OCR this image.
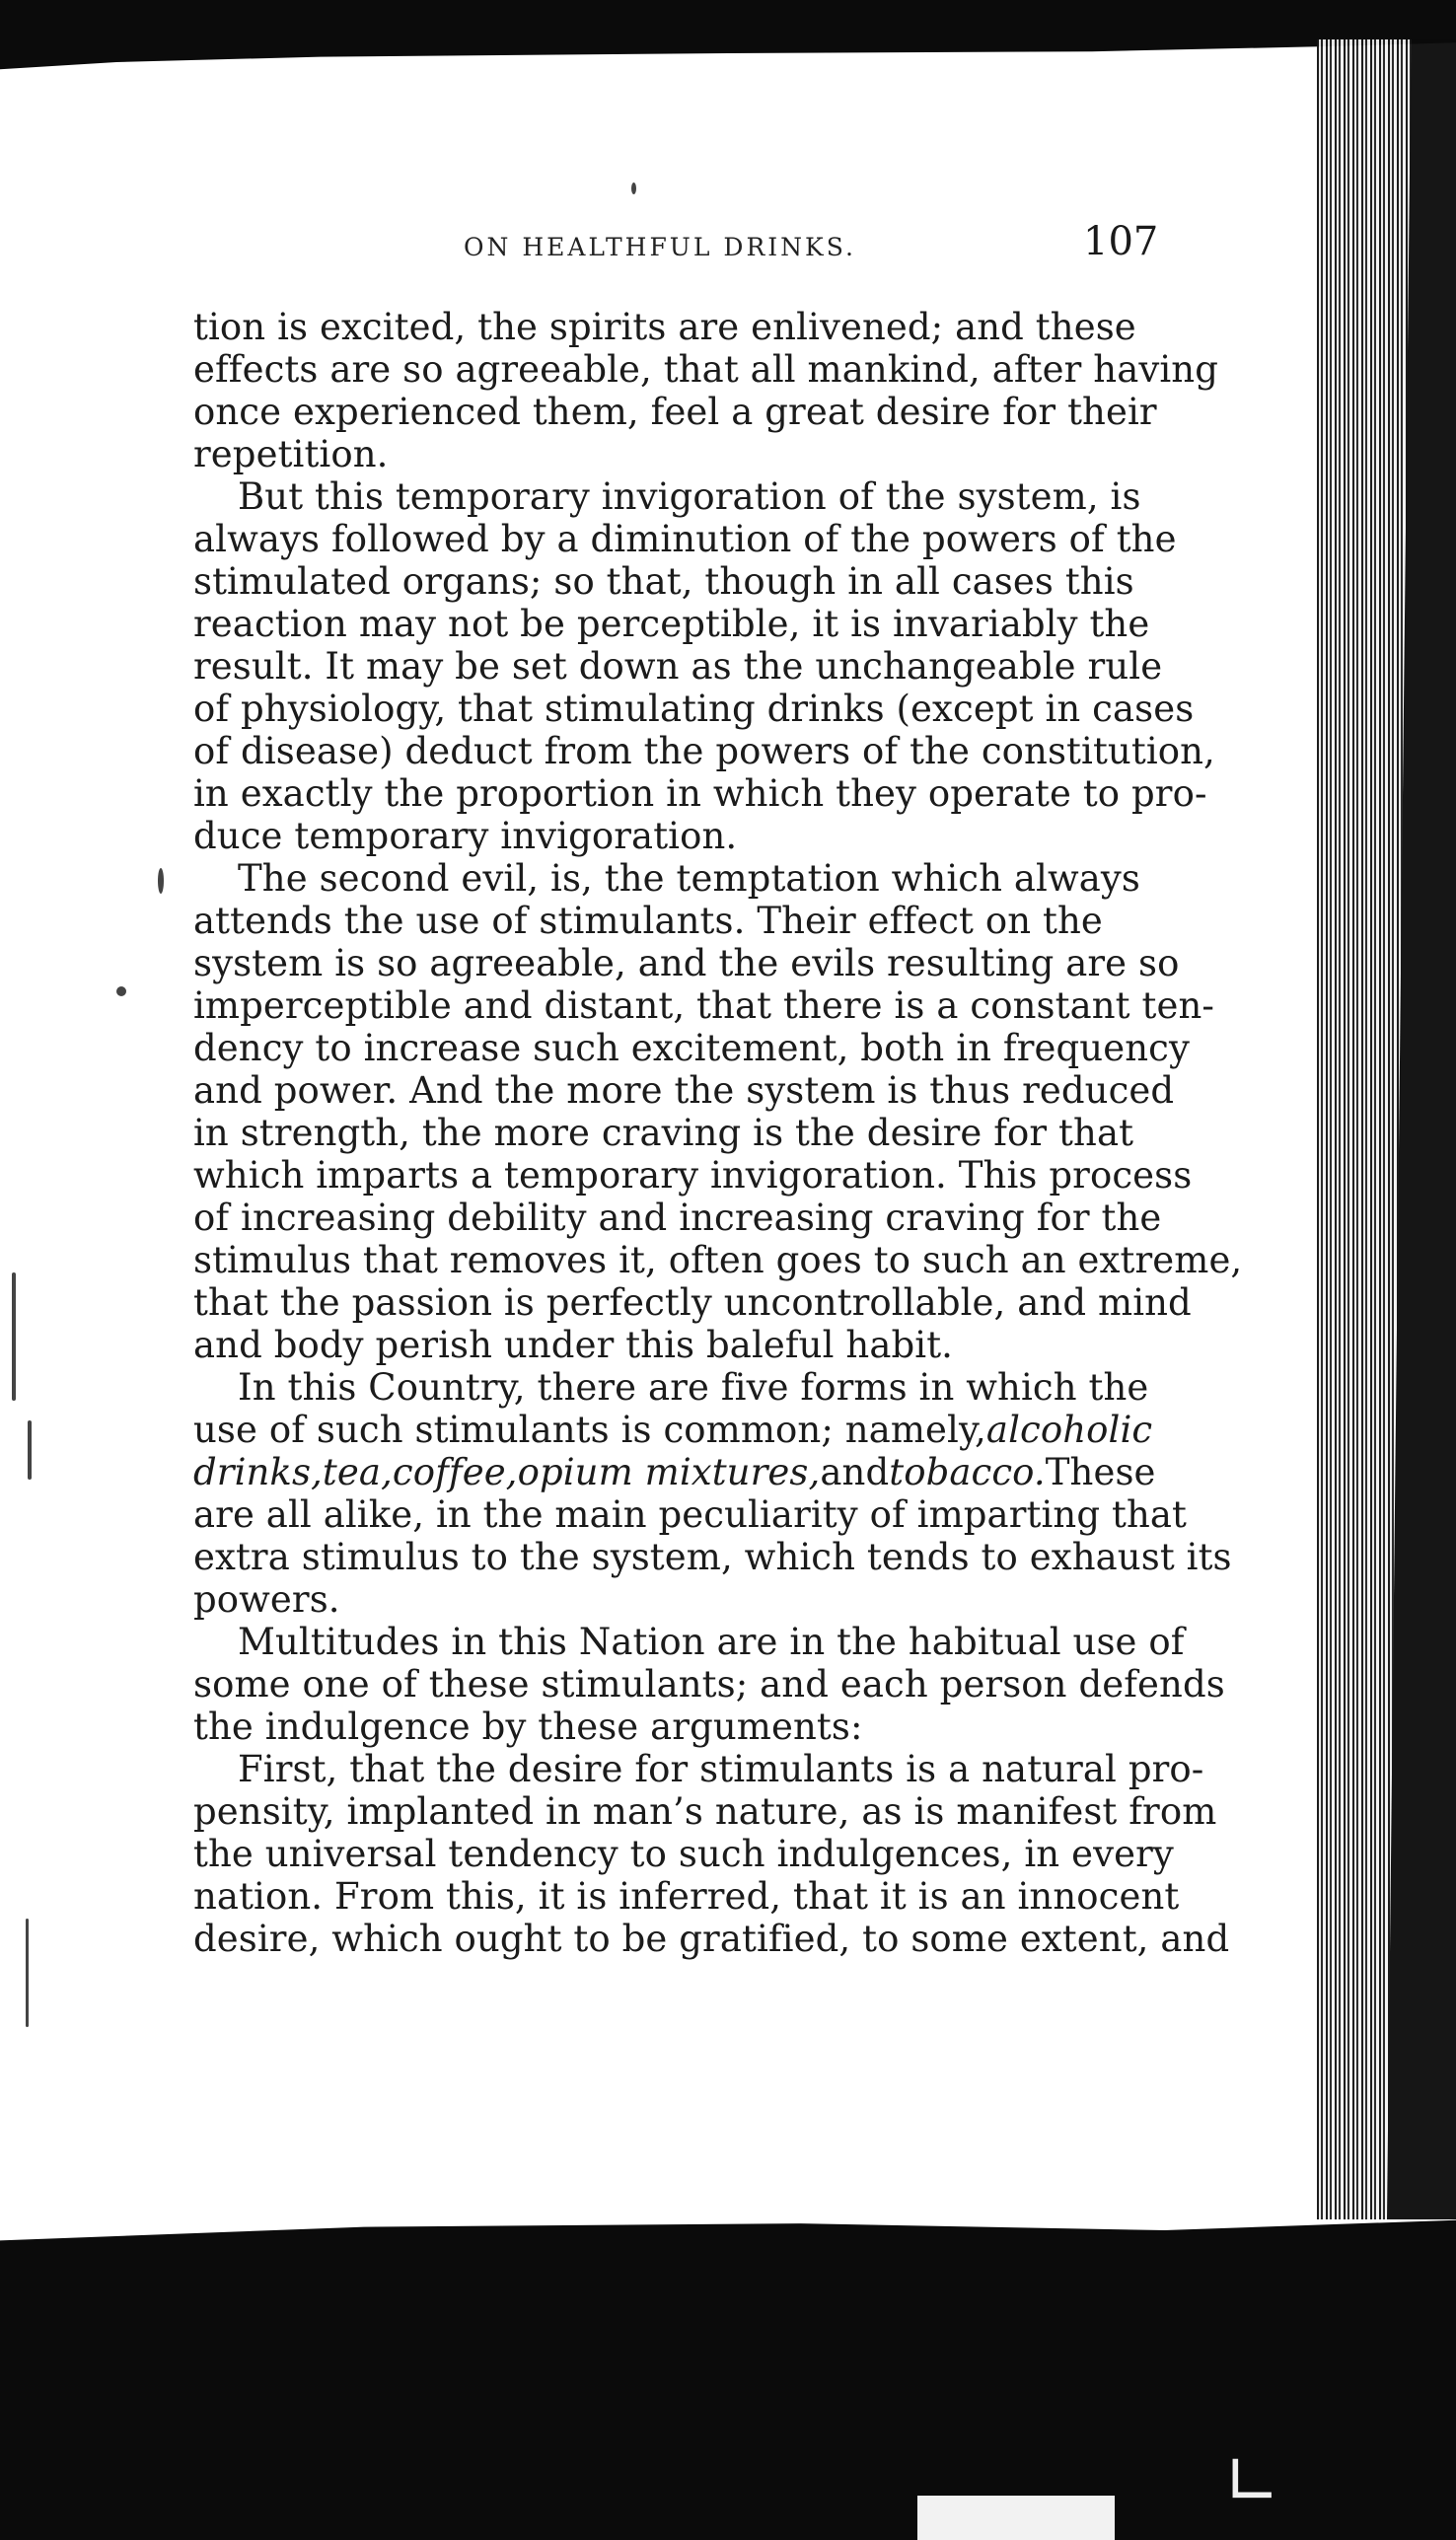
∟
ON HEALTHFUL DRINKS.	107
tion is excited, the spirits are enlivened; and these
effects are so agreeable, that all mankind, after having
once experienced them, feel a great desire for their
repetition.
But this temporary invigoration of the system, is
always followed by a diminution of the powers of the
stimulated organs; so that, though in all cases this
reaction may not be perceptible, it is invariably the
result. It may be set down as the unchangeable rule
of physiology, that stimulating drinks (except in cases
of disease) deduct from the powers of the constitution,
in exactly the proportion in which they operate to pro-
duce temporary invigoration.
The second evil, is, the temptation which always
attends the use of stimulants. Their effect on the
system is so agreeable, and the evils resulting are so
imperceptible and distant, that there is a constant ten-
dency to increase such excitement, both in frequency
and power. And the more the system is thus reduced
in strength, the more craving is the desire for that
which imparts a temporary invigoration. This process
of increasing debility and increasing craving for the
stimulus that removes it, often goes to such an extreme,
that the passion is perfectly uncontrollable, and mind
and body perish under this baleful habit.
In this Country, there are five forms in which the
use of such stimulants is common; namely, alcoholic
drinks, tea, coffee, opium mixtures, and tobacco. These
are all alike, in the main peculiarity of imparting that
extra stimulus to the system, which tends to exhaust its
powers.
Multitudes in this Nation are in the habitual use of
some one of these stimulants; and each person defends
the indulgence by these arguments:
First, that the desire for stimulants is a natural pro-
pensity, implanted in man’s nature, as is manifest from
the universal tendency to such indulgences, in every
nation. From this, it is inferred, that it is an innocent
desire, which ought to be gratified, to some extent, and
